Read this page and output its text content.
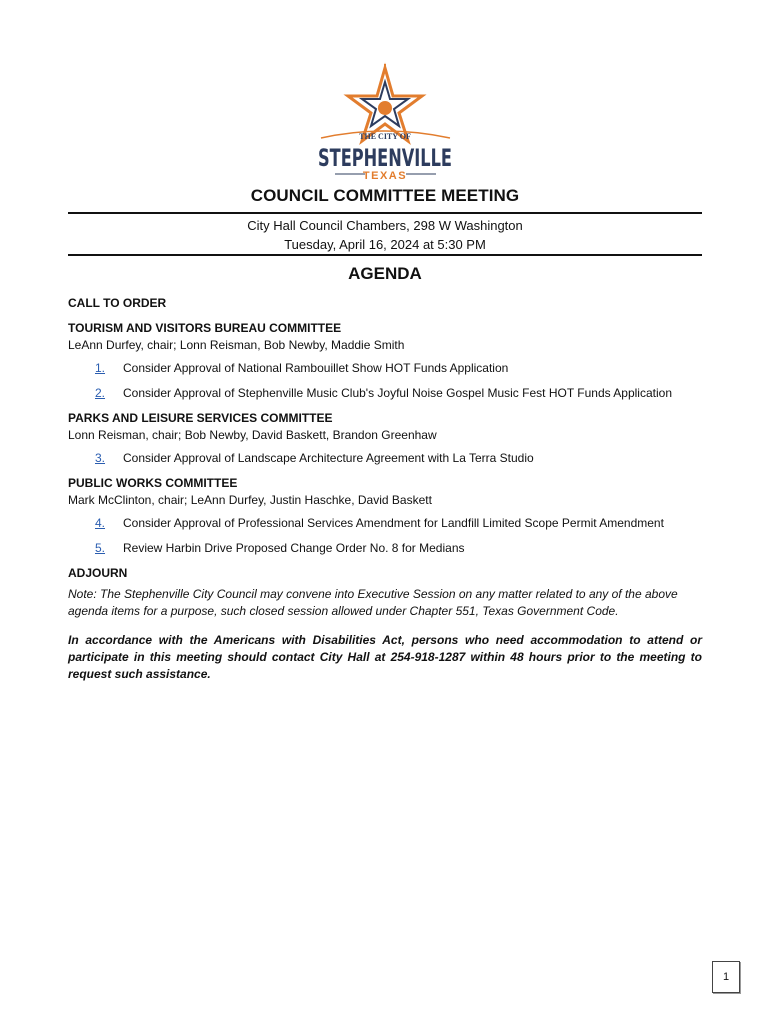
THE CITY OF
STEPHENVILLE
TEXAS
COUNCIL COMMITTEE MEETING
City Hall Council Chambers, 298 W Washington
Tuesday, April 16, 2024 at 5:30 PM
AGENDA
CALL TO ORDER
TOURISM AND VISITORS BUREAU COMMITTEE
LeAnn Durfey, chair; Lonn Reisman, Bob Newby, Maddie Smith
1.	Consider Approval of National Rambouillet Show HOT Funds Application
2.	Consider Approval of Stephenville Music Club's Joyful Noise Gospel Music Fest HOT Funds Application
PARKS AND LEISURE SERVICES COMMITTEE
Lonn Reisman, chair; Bob Newby, David Baskett, Brandon Greenhaw
3.	Consider Approval of Landscape Architecture Agreement with La Terra Studio
PUBLIC WORKS COMMITTEE
Mark McClinton, chair; LeAnn Durfey, Justin Haschke, David Baskett
4.	Consider Approval of Professional Services Amendment for Landfill Limited Scope Permit Amendment
5.	Review Harbin Drive Proposed Change Order No. 8 for Medians
ADJOURN
Note: The Stephenville City Council may convene into Executive Session on any matter related to any of the above agenda items for a purpose, such closed session allowed under Chapter 551, Texas Government Code.
In accordance with the Americans with Disabilities Act, persons who need accommodation to attend or participate in this meeting should contact City Hall at 254-918-1287 within 48 hours prior to the meeting to request such assistance.
1
